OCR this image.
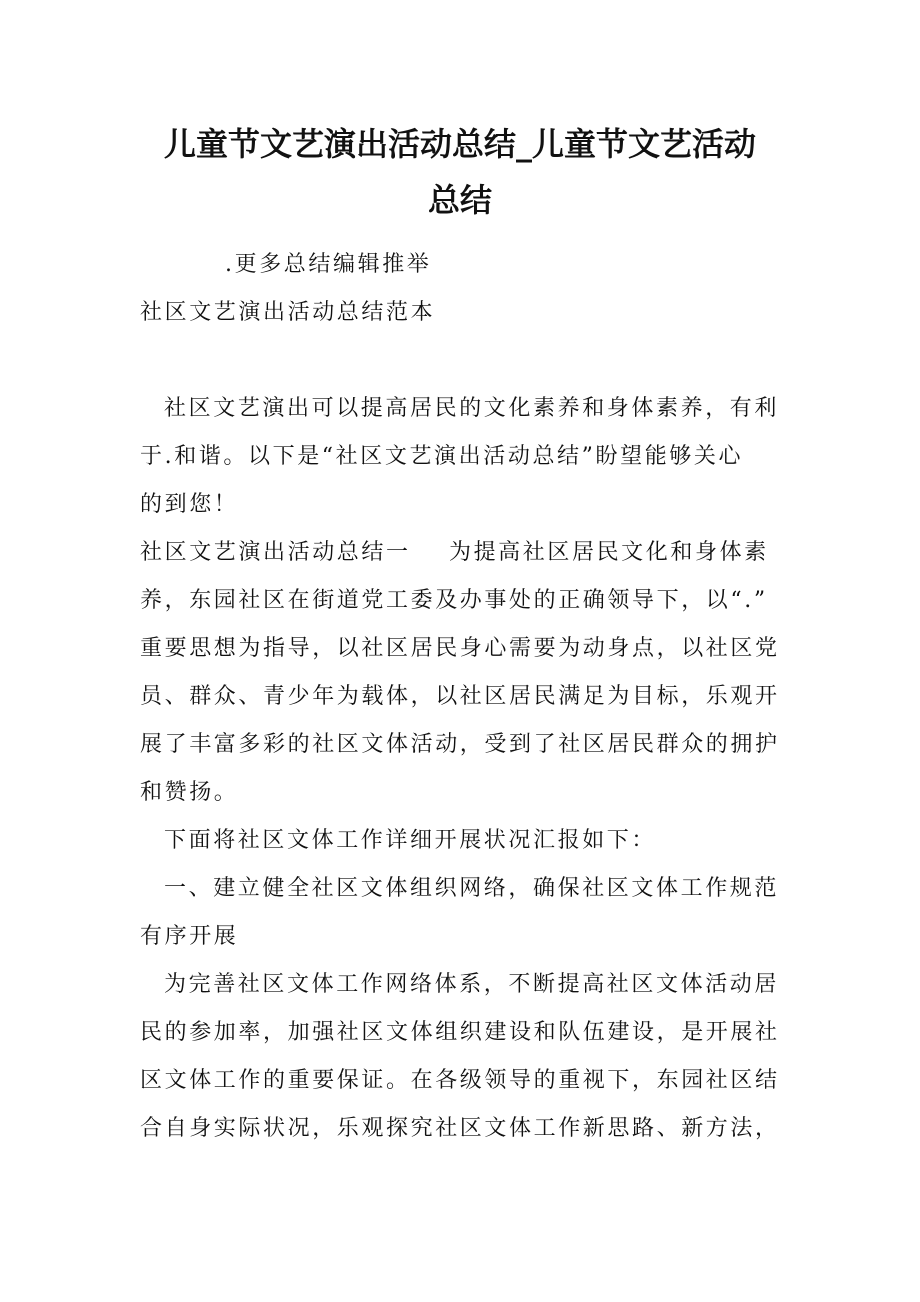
儿童节文艺演出活动总结_儿童节文艺活动
总结
.更多总结编辑推举
社区文艺演出活动总结范本
社区文艺演出可以提高居民的文化素养和身体素养，有利
于.和谐。以下是“社区文艺演出活动总结”盼望能够关心
的到您！
社区文艺演出活动总结一    为提高社区居民文化和身体素
养，东园社区在街道党工委及办事处的正确领导下，以“.”
重要思想为指导，以社区居民身心需要为动身点，以社区党
员、群众、青少年为载体，以社区居民满足为目标，乐观开
展了丰富多彩的社区文体活动，受到了社区居民群众的拥护
和赞扬。
下面将社区文体工作详细开展状况汇报如下：
一、建立健全社区文体组织网络，确保社区文体工作规范
有序开展
为完善社区文体工作网络体系，不断提高社区文体活动居
民的参加率，加强社区文体组织建设和队伍建设，是开展社
区文体工作的重要保证。在各级领导的重视下，东园社区结
合自身实际状况，乐观探究社区文体工作新思路、新方法，
